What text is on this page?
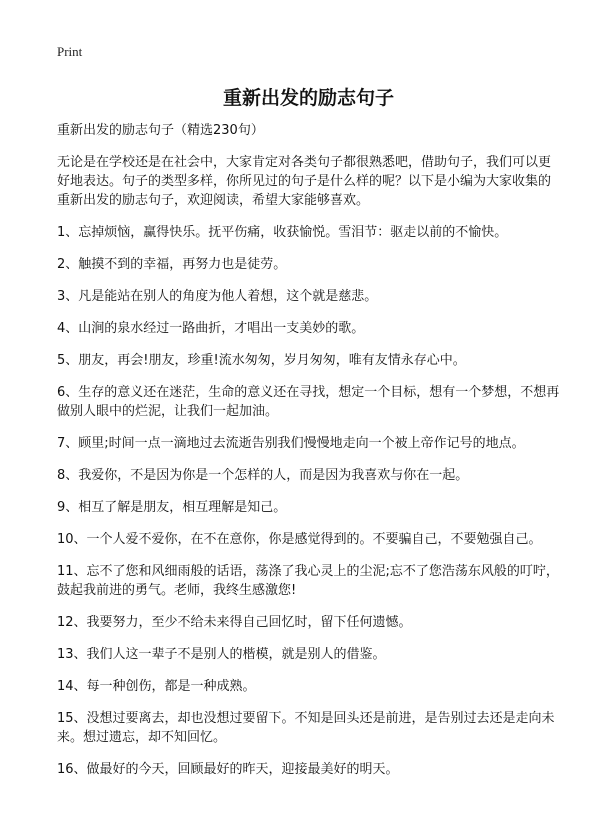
Print
重新出发的励志句子

重新出发的励志句子（精选230句）

无论是在学校还是在社会中，大家肯定对各类句子都很熟悉吧，借助句子，我们可以更好地表达。句子的类型多样，你所见过的句子是什么样的呢？以下是小编为大家收集的重新出发的励志句子，欢迎阅读，希望大家能够喜欢。

1、忘掉烦恼，赢得快乐。抚平伤痛，收获愉悦。雪泪节：驱走以前的不愉快。
2、触摸不到的幸福，再努力也是徒劳。
3、凡是能站在别人的角度为他人着想，这个就是慈悲。
4、山涧的泉水经过一路曲折，才唱出一支美妙的歌。
5、朋友，再会!朋友，珍重!流水匆匆，岁月匆匆，唯有友情永存心中。
6、生存的意义还在迷茫，生命的意义还在寻找，想定一个目标，想有一个梦想，不想再做别人眼中的烂泥，让我们一起加油。
7、顾里;时间一点一滴地过去流逝告别我们慢慢地走向一个被上帝作记号的地点。
8、我爱你，不是因为你是一个怎样的人，而是因为我喜欢与你在一起。
9、相互了解是朋友，相互理解是知己。
10、一个人爱不爱你，在不在意你，你是感觉得到的。不要骗自己，不要勉强自己。
11、忘不了您和风细雨般的话语，荡涤了我心灵上的尘泥;忘不了您浩荡东风般的叮咛，鼓起我前进的勇气。老师，我终生感激您!
12、我要努力，至少不给未来得自己回忆时，留下任何遗憾。
13、我们人这一辈子不是别人的楷模，就是别人的借鉴。
14、每一种创伤，都是一种成熟。
15、没想过要离去，却也没想过要留下。不知是回头还是前进，是告别过去还是走向未来。想过遗忘，却不知回忆。
16、做最好的今天，回顾最好的昨天，迎接最美好的明天。
